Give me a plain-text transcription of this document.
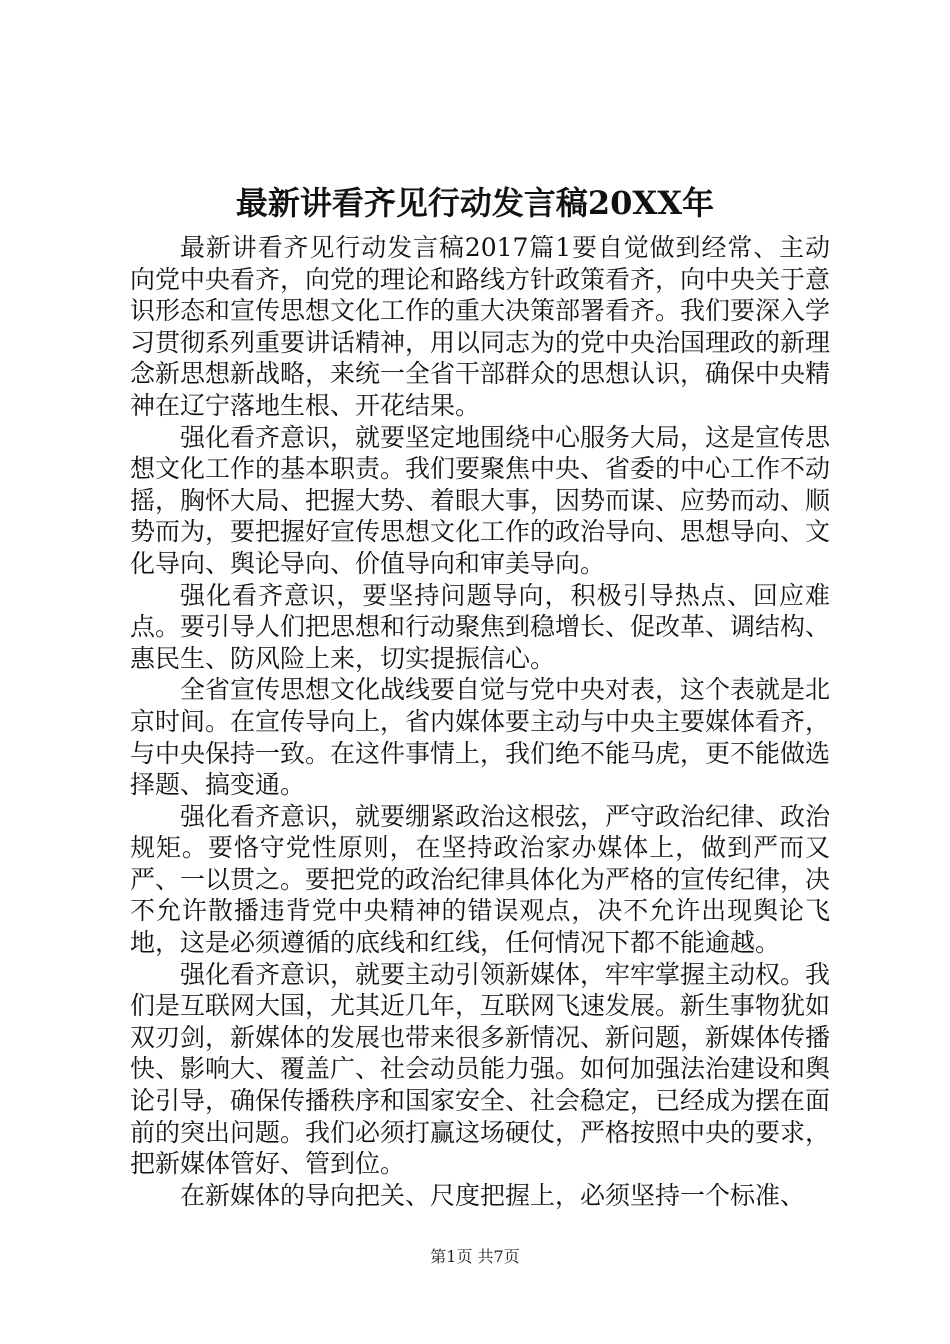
最新讲看齐见行动发言稿20XX年

最新讲看齐见行动发言稿2017篇1要自觉做到经常、主动向党中央看齐，向党的理论和路线方针政策看齐，向中央关于意识形态和宣传思想文化工作的重大决策部署看齐。我们要深入学习贯彻系列重要讲话精神，用以同志为的党中央治国理政的新理念新思想新战略，来统一全省干部群众的思想认识，确保中央精神在辽宁落地生根、开花结果。

强化看齐意识，就要坚定地围绕中心服务大局，这是宣传思想文化工作的基本职责。我们要聚焦中央、省委的中心工作不动摇，胸怀大局、把握大势、着眼大事，因势而谋、应势而动、顺势而为，要把握好宣传思想文化工作的政治导向、思想导向、文化导向、舆论导向、价值导向和审美导向。

强化看齐意识，要坚持问题导向，积极引导热点、回应难点。要引导人们把思想和行动聚焦到稳增长、促改革、调结构、惠民生、防风险上来，切实提振信心。

全省宣传思想文化战线要自觉与党中央对表，这个表就是北京时间。在宣传导向上，省内媒体要主动与中央主要媒体看齐，与中央保持一致。在这件事情上，我们绝不能马虎，更不能做选择题、搞变通。

强化看齐意识，就要绷紧政治这根弦，严守政治纪律、政治规矩。要恪守党性原则，在坚持政治家办媒体上，做到严而又严、一以贯之。要把党的政治纪律具体化为严格的宣传纪律，决不允许散播违背党中央精神的错误观点，决不允许出现舆论飞地，这是必须遵循的底线和红线，任何情况下都不能逾越。

强化看齐意识，就要主动引领新媒体，牢牢掌握主动权。我们是互联网大国，尤其近几年，互联网飞速发展。新生事物犹如双刃剑，新媒体的发展也带来很多新情况、新问题，新媒体传播快、影响大、覆盖广、社会动员能力强。如何加强法治建设和舆论引导，确保传播秩序和国家安全、社会稳定，已经成为摆在面前的突出问题。我们必须打赢这场硬仗，严格按照中央的要求，把新媒体管好、管到位。

在新媒体的导向把关、尺度把握上，必须坚持一个标准、

第1页 共7页
